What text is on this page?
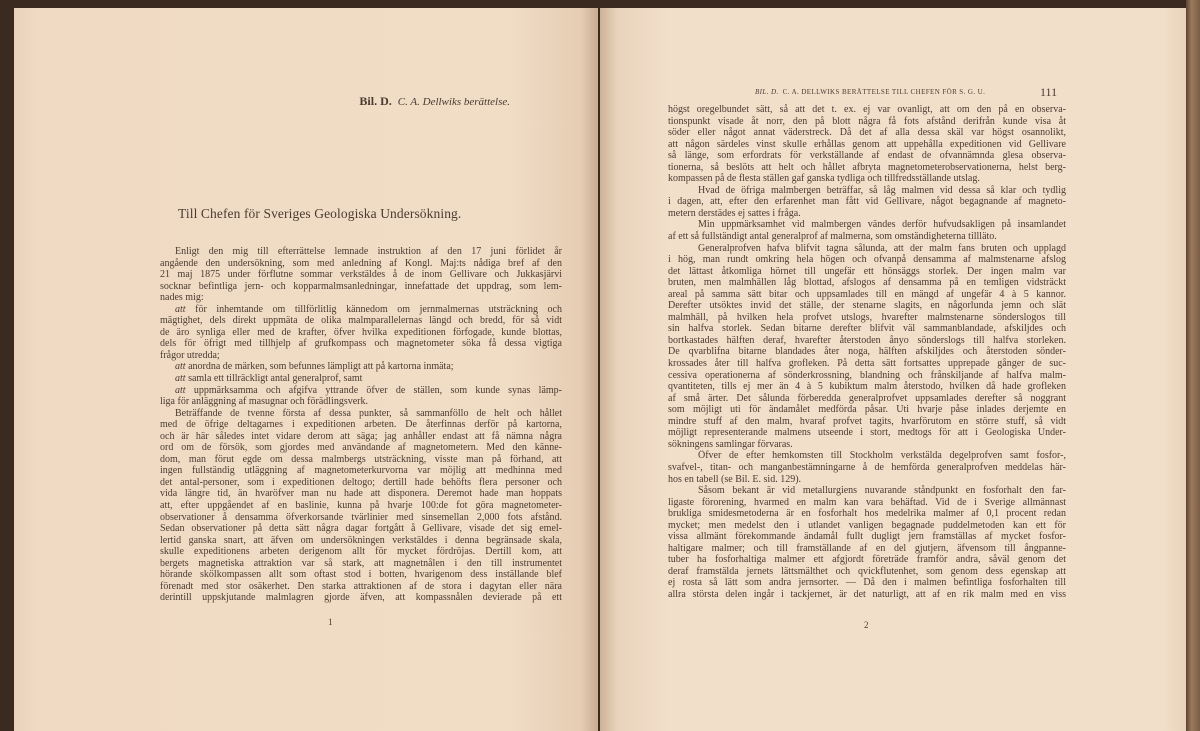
Bil. D. C. A. Dellwiks berättelse.
Till Chefen för Sveriges Geologiska Undersökning.
Enligt den mig till efterrättelse lemnade instruktion af den 17 juni förlidet år
angående den undersökning, som med anledning af Kongl. Maj:ts nådiga bref af den
21 maj 1875 under förflutne sommar verkstäldes å de inom Gellivare och Jukkasjärvi
socknar befintliga jern- och kopparmalmsanledningar, innefattade det uppdrag, som lem-
nades mig:
att för inhemtande om tillförlitlig kännedom om jernmalmernas utsträckning och
mägtighet, dels direkt uppmäta de olika malmparallelernas längd och bredd, för så vidt
de äro synliga eller med de krafter, öfver hvilka expeditionen förfogade, kunde blottas,
dels för öfrigt med tillhjelp af grufkompass och magnetometer söka få dessa vigtiga
frågor utredda;
att anordna de märken, som befunnes lämpligt att på kartorna inmäta;
att samla ett tillräckligt antal generalprof, samt
att uppmärksamma och afgifva yttrande öfver de ställen, som kunde synas lämp-
liga för anläggning af masugnar och förädlingsverk.
Beträffande de tvenne första af dessa punkter, så sammanföllo de helt och hållet
med de öfrige deltagarnes i expeditionen arbeten. De återfinnas derför på kartorna,
och är här således intet vidare derom att säga; jag anhåller endast att få nämna några
ord om de försök, som gjordes med användande af magnetometern. Med den känne-
dom, man förut egde om dessa malmbergs utsträckning, visste man på förhand, att
ingen fullständig utläggning af magnetometerkurvorna var möjlig att medhinna med
det antal-personer, som i expeditionen deltogo; dertill hade behöfts flera personer och
vida längre tid, än hvaröfver man nu hade att disponera. Deremot hade man hoppats
att, efter uppgåendet af en baslinie, kunna på hvarje 100:de fot göra magnetometer-
observationer å densamma öfverkorsande tvärlinier med sinsemellan 2,000 fots afstånd.
Sedan observationer på detta sätt några dagar fortgått å Gellivare, visade det sig emel-
lertid ganska snart, att äfven om undersökningen verkstäldes i denna begränsade skala,
skulle expeditionens arbeten derigenom allt för mycket fördröjas. Dertill kom, att
bergets magnetiska attraktion var så stark, att magnetnålen i den till instrumentet
hörande skölkompassen allt som oftast stod i botten, hvarigenom dess inställande blef
förenadt med stor osäkerhet. Den starka attraktionen af de stora i dagytan eller nära
derintill uppskjutande malmlagren gjorde äfven, att kompassnålen devierade på ett
1
BIL. D. C. A. DELLWIKS BERÄTTELSE TILL CHEFEN FÖR S. G. U.	111
högst oregelbundet sätt, så att det t. ex. ej var ovanligt, att om den på en observa-
tionspunkt visade åt norr, den på blott några få fots afstånd derifrån kunde visa åt
söder eller något annat väderstreck. Då det af alla dessa skäl var högst osannolikt,
att någon särdeles vinst skulle erhållas genom att uppehålla expeditionen vid Gellivare
så länge, som erfordrats för verkställande af endast de ofvannämnda glesa observa-
tionerna, så beslöts att helt och hållet afbryta magnetometerobservationerna, helst berg-
kompassen på de flesta ställen gaf ganska tydliga och tillfredsställande utslag.
Hvad de öfriga malmbergen beträffar, så låg malmen vid dessa så klar och tydlig
i dagen, att, efter den erfarenhet man fått vid Gellivare, något begagnande af magneto-
metern derstädes ej sattes i fråga.
Min uppmärksamhet vid malmbergen vändes derför hufvudsakligen på insamlandet
af ett så fullständigt antal generalprof af malmerna, som omständigheterna tillläto.
Generalprofven hafva blifvit tagna sålunda, att der malm fans bruten och upplagd
i hög, man rundt omkring hela högen och ofvanpå densamma af malmstenarne afslog
det lättast åtkomliga hörnet till ungefär ett hönsäggs storlek. Der ingen malm var
bruten, men malmhällen låg blottad, afslogos af densamma på en temligen vidsträckt
areal på samma sätt bitar och uppsamlades till en mängd af ungefär 4 à 5 kannor.
Derefter utsöktes invid det ställe, der stenarne slagits, en någorlunda jemn och slät
malmhäll, på hvilken hela profvet utslogs, hvarefter malmstenarne sönderslogos till
sin halfva storlek. Sedan bitarne derefter blifvit väl sammanblandade, afskiljdes och
bortkastades hälften deraf, hvarefter återstoden ånyo sönderslogs till halfva storleken.
De qvarblifna bitarne blandades åter noga, hälften afskiljdes och återstoden sönder-
krossades åter till halfva grofleken. På detta sätt fortsattes upprepade gånger de suc-
cessiva operationerna af sönderkrossning, blandning och frånskiljande af halfva malm-
qvantiteten, tills ej mer än 4 à 5 kubiktum malm återstodo, hvilken då hade grofleken
af små ärter. Det sålunda förberedda generalprofvet uppsamlades derefter så noggrant
som möjligt uti för ändamålet medförda påsar. Uti hvarje påse inlades derjemte en
mindre stuff af den malm, hvaraf profvet tagits, hvarförutom en större stuff, så vidt
möjligt representerande malmens utseende i stort, medtogs för att i Geologiska Under-
sökningens samlingar förvaras.
Öfver de efter hemkomsten till Stockholm verkstälda degelprofven samt fosfor-,
svafvel-, titan- och manganbestämningarne å de hemförda generalprofven meddelas här-
hos en tabell (se Bil. E. sid. 129).
Såsom bekant är vid metallurgiens nuvarande ståndpunkt en fosforhalt den far-
ligaste förorening, hvarmed en malm kan vara behäftad. Vid de i Sverige allmännast
brukliga smidesmetoderna är en fosforhalt hos medelrika malmer af 0,1 procent redan
mycket; men medelst den i utlandet vanligen begagnade puddelmetoden kan ett för
vissa allmänt förekommande ändamål fullt dugligt jern framställas af mycket fosfor-
haltigare malmer; och till framställande af en del gjutjern, äfvensom till ångpanne-
tuber ha fosforhaltiga malmer ett afgjordt företräde framför andra, såväl genom det
deraf framstälda jernets lättsmälthet och qvickflutenhet, som genom dess egenskap att
ej rosta så lätt som andra jernsorter. — Då den i malmen befintliga fosforhalten till
allra största delen ingår i tackjernet, är det naturligt, att af en rik malm med en viss
2
